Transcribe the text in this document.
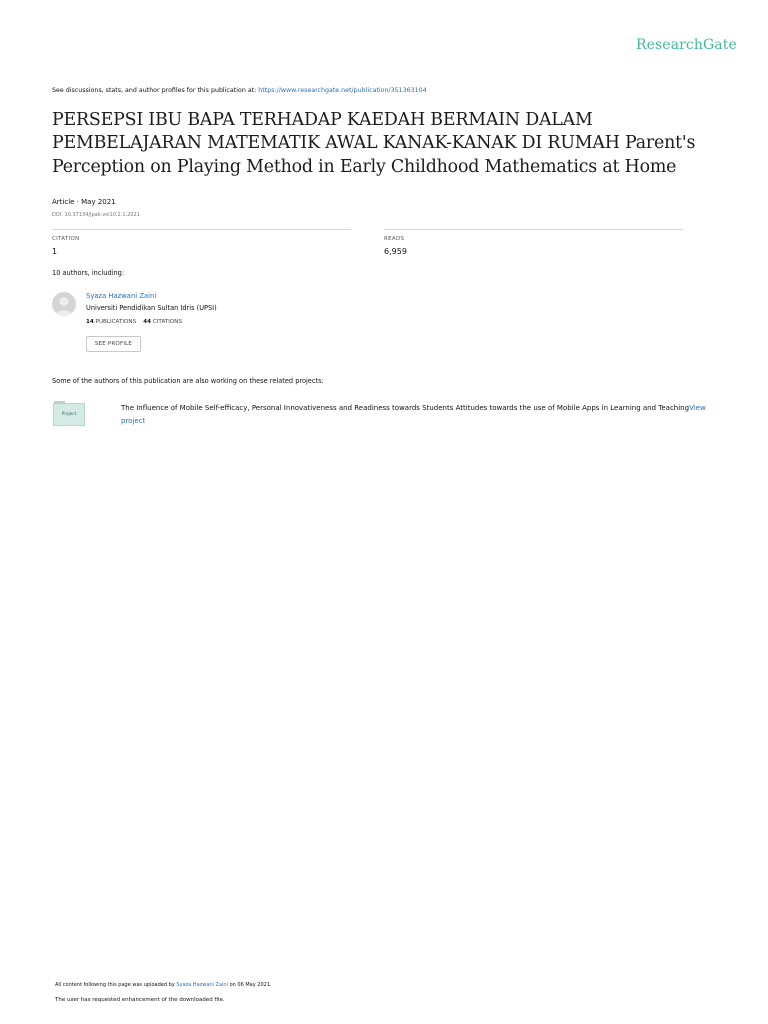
ResearchGate
See discussions, stats, and author profiles for this publication at: https://www.researchgate.net/publication/351363104
PERSEPSI IBU BAPA TERHADAP KAEDAH BERMAIN DALAM PEMBELAJARAN MATEMATIK AWAL KANAK-KANAK DI RUMAH Parent's Perception on Playing Method in Early Childhood Mathematics at Home
Article · May 2021
DOI: 10.37134/jpak.vol10.2.1.2021
CITATION
1
READS
6,959
10 authors, including:
Syaza Hazwani Zaini
Universiti Pendidikan Sultan Idris (UPSI)
14 PUBLICATIONS 44 CITATIONS
SEE PROFILE
Some of the authors of this publication are also working on these related projects:
Project
The Influence of Mobile Self-efficacy, Personal Innovativeness and Readiness towards Students Attitudes towards the use of Mobile Apps in Learning and TeachingView project
All content following this page was uploaded by Syaza Hazwani Zaini on 06 May 2021.
The user has requested enhancement of the downloaded file.
